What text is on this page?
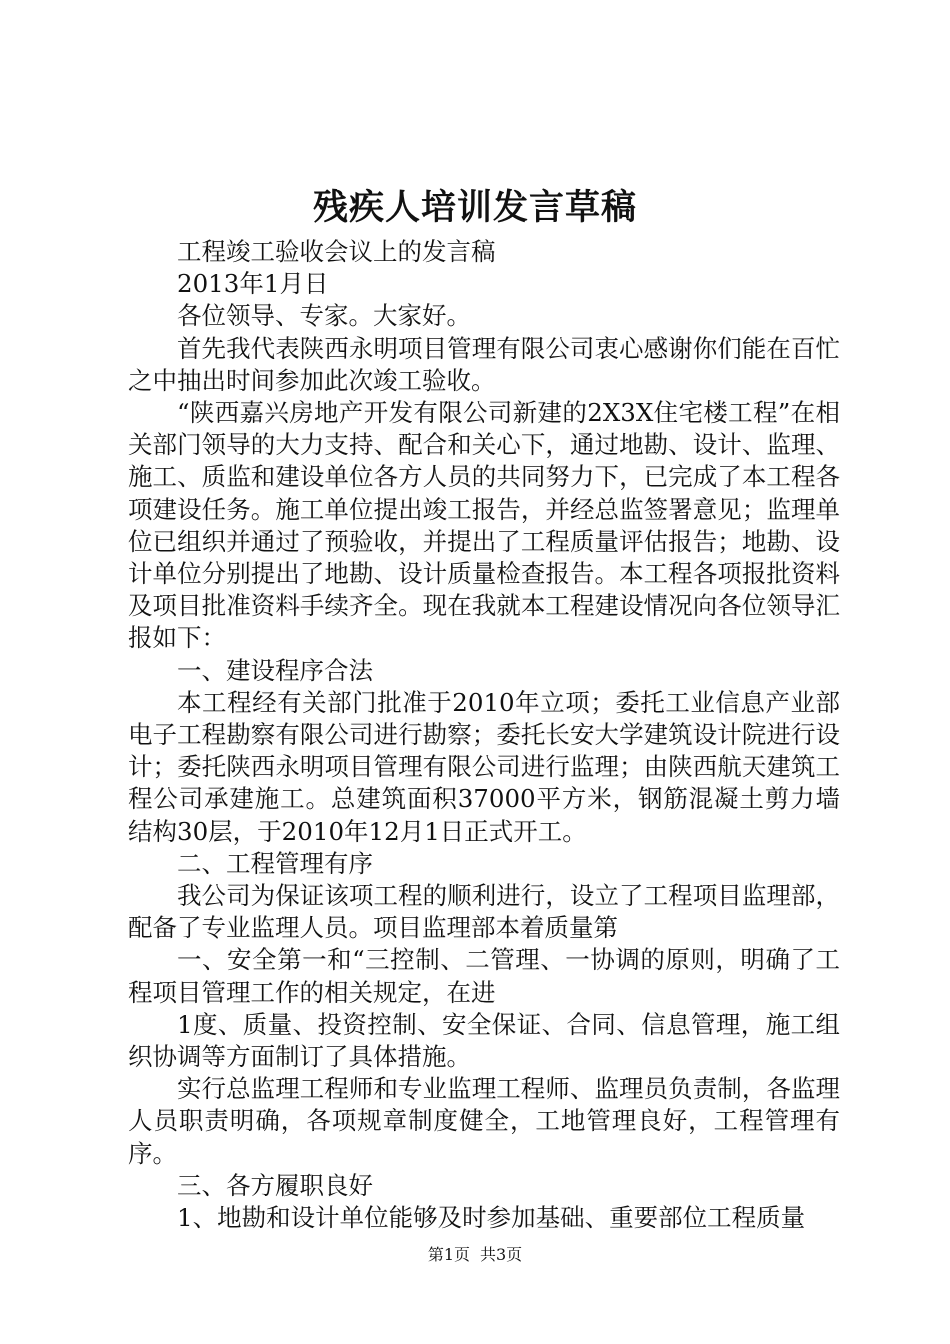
残疾人培训发言草稿

工程竣工验收会议上的发言稿

2013年1月日

各位领导、专家。大家好。

首先我代表陕西永明项目管理有限公司衷心感谢你们能在百忙之中抽出时间参加此次竣工验收。

“陕西嘉兴房地产开发有限公司新建的2X3X住宅楼工程”在相关部门领导的大力支持、配合和关心下，通过地勘、设计、监理、施工、质监和建设单位各方人员的共同努力下，已完成了本工程各项建设任务。施工单位提出竣工报告，并经总监签署意见；监理单位已组织并通过了预验收，并提出了工程质量评估报告；地勘、设计单位分别提出了地勘、设计质量检查报告。本工程各项报批资料及项目批准资料手续齐全。现在我就本工程建设情况向各位领导汇报如下：

一、建设程序合法

本工程经有关部门批准于2010年立项；委托工业信息产业部电子工程勘察有限公司进行勘察；委托长安大学建筑设计院进行设计；委托陕西永明项目管理有限公司进行监理；由陕西航天建筑工程公司承建施工。总建筑面积37000平方米，钢筋混凝土剪力墙结构30层，于2010年12月1日正式开工。

二、工程管理有序

我公司为保证该项工程的顺利进行，设立了工程项目监理部，配备了专业监理人员。项目监理部本着质量第

一、安全第一和“三控制、二管理、一协调的原则，明确了工程项目管理工作的相关规定，在进

1度、质量、投资控制、安全保证、合同、信息管理，施工组织协调等方面制订了具体措施。

实行总监理工程师和专业监理工程师、监理员负责制，各监理人员职责明确，各项规章制度健全，工地管理良好，工程管理有序。

三、各方履职良好

1、地勘和设计单位能够及时参加基础、重要部位工程质量

第1页 共3页
